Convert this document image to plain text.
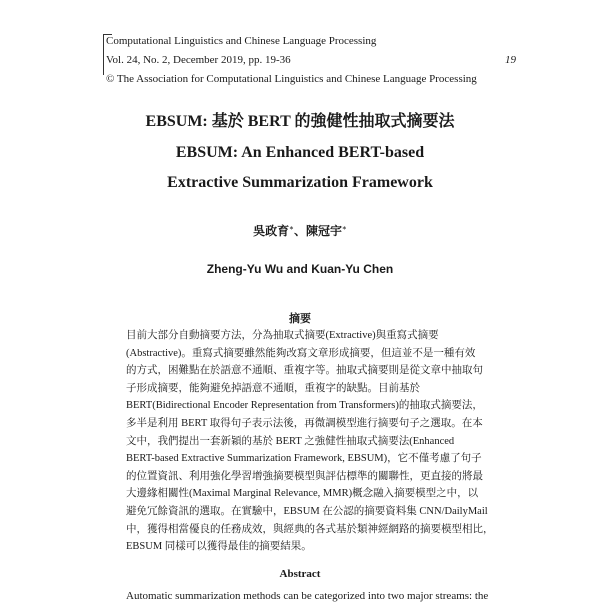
Computational Linguistics and Chinese Language Processing
Vol. 24, No. 2, December 2019, pp. 19-36	19
© The Association for Computational Linguistics and Chinese Language Processing
EBSUM: 基於 BERT 的強健性抽取式摘要法
EBSUM: An Enhanced BERT-based
Extractive Summarization Framework
吳政育∗、陳冠宇∗
Zheng-Yu Wu and Kuan-Yu Chen
摘要
目前大部分自動摘要方法，分為抽取式摘要(Extractive)與重寫式摘要
(Abstractive)。重寫式摘要雖然能夠改寫文章形成摘要，但這並不是一種有效
的方式，困難點在於語意不通順、重複字等。抽取式摘要則是從文章中抽取句
子形成摘要，能夠避免掉語意不通順，重複字的缺點。目前基於
BERT(Bidirectional Encoder Representation from Transformers)的抽取式摘要法，
多半是利用 BERT 取得句子表示法後，再微調模型進行摘要句子之選取。在本
文中，我們提出一套新穎的基於 BERT 之強健性抽取式摘要法(Enhanced
BERT-based Extractive Summarization Framework, EBSUM)，它不僅考慮了句子
的位置資訊、利用強化學習增強摘要模型與評估標準的關聯性，更直接的將最
大邊緣相關性(Maximal Marginal Relevance, MMR)概念融入摘要模型之中，以
避免冗餘資訊的選取。在實驗中，EBSUM 在公認的摘要資料集 CNN/DailyMail
中，獲得相當優良的任務成效，與經典的各式基於類神經網路的摘要模型相比，
EBSUM 同樣可以獲得最佳的摘要結果。
Abstract
Automatic summarization methods can be categorized into two major streams: the
